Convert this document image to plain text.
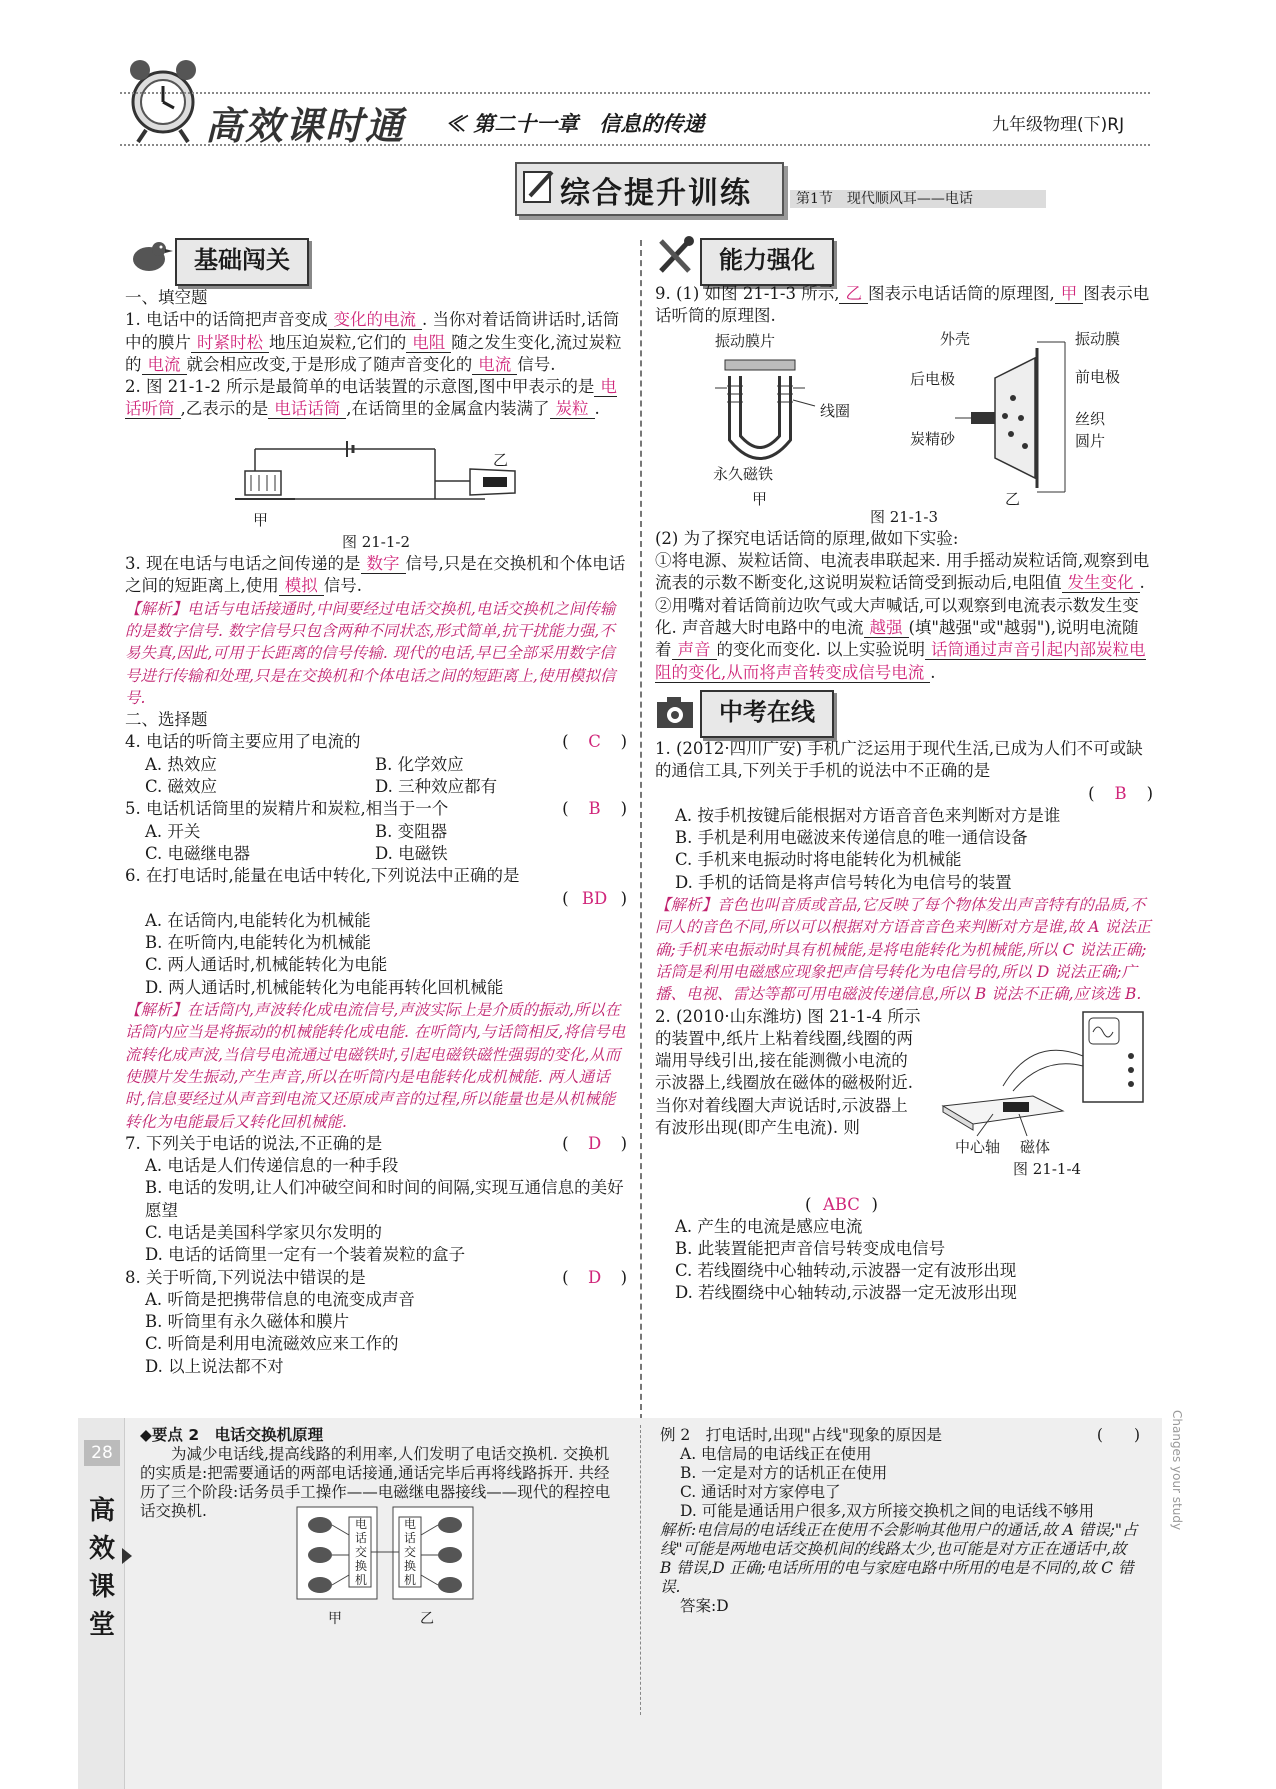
高效课时通 ≪ 第二十一章　信息的传递	九年级物理(下)RJ
综合提升训练	第1节　现代顺风耳——电话
基础闯关

一、填空题

1. 电话中的话筒把声音变成 变化的电流 . 当你对着话筒讲话时,话筒中的膜片 时紧时松 地压迫炭粒,它们的 电阻 随之发生变化,流过炭粒的 电流 就会相应改变,于是形成了随声音变化的 电流 信号.

2. 图 21-1-2 所示是最简单的电话装置的示意图,图中甲表示的是 电话听筒 ,乙表示的是 电话话筒 ,在话筒里的金属盒内装满了 炭粒 .

甲
乙

图 21-1-2

3. 现在电话与电话之间传递的是 数字 信号,只是在交换机和个体电话之间的短距离上,使用 模拟 信号.

【解析】电话与电话接通时,中间要经过电话交换机,电话交换机之间传输的是数字信号. 数字信号只包含两种不同状态,形式简单,抗干扰能力强,不易失真,因此,可用于长距离的信号传输. 现代的电话,早已全部采用数字信号进行传输和处理,只是在交换机和个体电话之间的短距离上,使用模拟信号.

二、选择题

4. 电话的听筒主要应用了电流的	( C )

A. 热效应	B. 化学效应
C. 磁效应	D. 三种效应都有

5. 电话机话筒里的炭精片和炭粒,相当于一个	( B )

A. 开关	B. 变阻器
C. 电磁继电器	D. 电磁铁

6. 在打电话时,能量在电话中转化,下列说法中正确的是

( BD )

A. 在话筒内,电能转化为机械能

B. 在听筒内,电能转化为机械能

C. 两人通话时,机械能转化为电能

D. 两人通话时,机械能转化为电能再转化回机械能

【解析】在话筒内,声波转化成电流信号,声波实际上是介质的振动,所以在话筒内应当是将振动的机械能转化成电能. 在听筒内,与话筒相反,将信号电流转化成声波,当信号电流通过电磁铁时,引起电磁铁磁性强弱的变化,从而使膜片发生振动,产生声音,所以在听筒内是电能转化成机械能. 两人通话时,信息要经过从声音到电流又还原成声音的过程,所以能量也是从机械能转化为电能最后又转化回机械能.

7. 下列关于电话的说法,不正确的是	( D )

A. 电话是人们传递信息的一种手段

B. 电话的发明,让人们冲破空间和时间的间隔,实现互通信息的美好愿望

C. 电话是美国科学家贝尔发明的

D. 电话的话筒里一定有一个装着炭粒的盒子

8. 关于听筒,下列说法中错误的是	( D )

A. 听筒是把携带信息的电流变成声音

B. 听筒里有永久磁体和膜片

C. 听筒是利用电流磁效应来工作的

D. 以上说法都不对

能力强化

9. (1) 如图 21-1-3 所示, 乙 图表示电话话筒的原理图, 甲 图表示电话听筒的原理图.

振动膜片
线圈
永久磁铁
甲
外壳	振动膜
后电极	前电极
炭精砂
丝织圆片
乙

图 21-1-3

(2) 为了探究电话话筒的原理,做如下实验:

①将电源、炭粒话筒、电流表串联起来. 用手摇动炭粒话筒,观察到电流表的示数不断变化,这说明炭粒话筒受到振动后,电阻值 发生变化 .

②用嘴对着话筒前边吹气或大声喊话,可以观察到电流表示数发生变化. 声音越大时电路中的电流 越强 (填"越强"或"越弱"),说明电流随着 声音 的变化而变化. 以上实验说明 话筒通过声音引起内部炭粒电阻的变化,从而将声音转变成信号电流 .

中考在线

1. (2012·四川广安) 手机广泛运用于现代生活,已成为人们不可或缺的通信工具,下列关于手机的说法中不正确的是

( B )

A. 按手机按键后能根据对方语音音色来判断对方是谁

B. 手机是利用电磁波来传递信息的唯一通信设备

C. 手机来电振动时将电能转化为机械能

D. 手机的话筒是将声信号转化为电信号的装置

【解析】音色也叫音质或音品,它反映了每个物体发出声音特有的品质,不同人的音色不同,所以可以根据对方语音音色来判断对方是谁,故 A 说法正确;手机来电振动时具有机械能,是将电能转化为机械能,所以 C 说法正确;话筒是利用电磁感应现象把声信号转化为电信号的,所以 D 说法正确;广播、电视、雷达等都可用电磁波传递信息,所以 B 说法不正确,应该选 B.

2. (2010·山东潍坊) 图 21-1-4 所示的装置中,纸片上粘着线圈,线圈的两端用导线引出,接在能测微小电流的示波器上,线圈放在磁体的磁极附近. 当你对着线圈大声说话时,示波器上有波形出现(即产生电流). 则

( ABC )

中心轴 磁体
图 21-1-4

A. 产生的电流是感应电流

B. 此装置能把声音信号转变成电信号

C. 若线圈绕中心轴转动,示波器一定有波形出现

D. 若线圈绕中心轴转动,示波器一定无波形出现

28
高
效
课
堂
Changes your study

◆要点 2　电话交换机原理

为减少电话线,提高线路的利用率,人们发明了电话交换机. 交换机的实质是:把需要通话的两部电话接通,通话完毕后再将线路拆开. 共经历了三个阶段:话务员手工操作——电磁继电器接线——现代的程控电话交换机.

电话交换机
电话交换机
甲	乙

例 2　打电话时,出现"占线"现象的原因是	(　　)

A. 电信局的电话线正在使用

B. 一定是对方的话机正在使用

C. 通话时对方家停电了

D. 可能是通话用户很多,双方所接交换机之间的电话线不够用

解析:电信局的电话线正在使用不会影响其他用户的通话,故 A 错误;"占线"可能是两地电话交换机间的线路太少,也可能是对方正在通话中,故 B 错误,D 正确;电话所用的电与家庭电路中所用的电是不同的,故 C 错误.

答案:D
